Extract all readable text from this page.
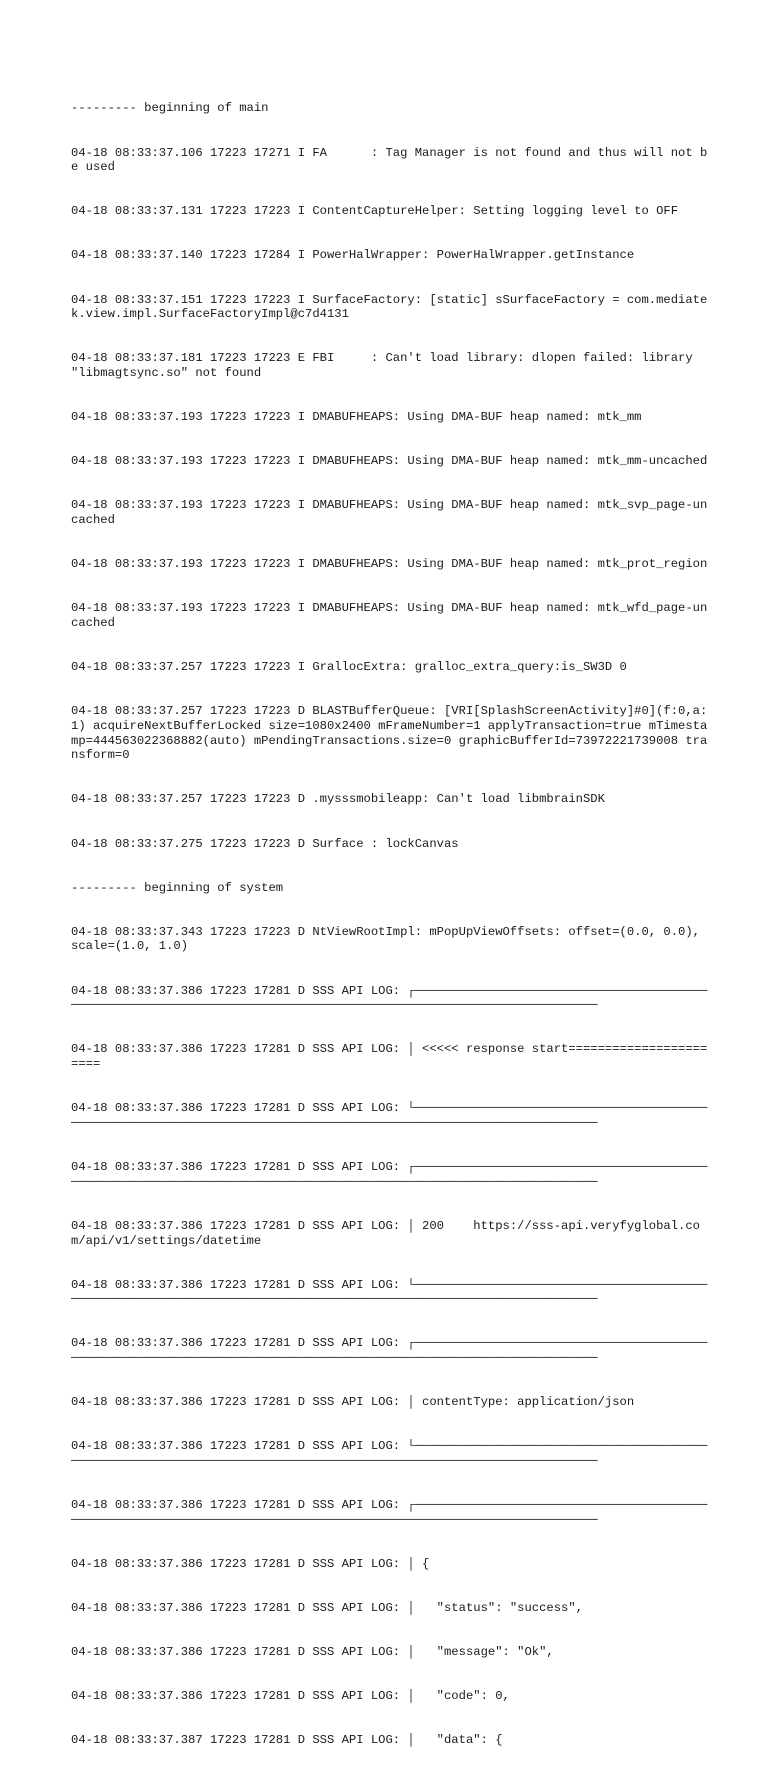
--------- beginning of main

04-18 08:33:37.106 17223 17271 I FA      : Tag Manager is not found and thus will not be used

04-18 08:33:37.131 17223 17223 I ContentCaptureHelper: Setting logging level to OFF

04-18 08:33:37.140 17223 17284 I PowerHalWrapper: PowerHalWrapper.getInstance

04-18 08:33:37.151 17223 17223 I SurfaceFactory: [static] sSurfaceFactory = com.mediatek.view.impl.SurfaceFactoryImpl@c7d4131

04-18 08:33:37.181 17223 17223 E FBI     : Can't load library: dlopen failed: library "libmagtsync.so" not found

04-18 08:33:37.193 17223 17223 I DMABUFHEAPS: Using DMA-BUF heap named: mtk_mm

04-18 08:33:37.193 17223 17223 I DMABUFHEAPS: Using DMA-BUF heap named: mtk_mm-uncached

04-18 08:33:37.193 17223 17223 I DMABUFHEAPS: Using DMA-BUF heap named: mtk_svp_page-uncached

04-18 08:33:37.193 17223 17223 I DMABUFHEAPS: Using DMA-BUF heap named: mtk_prot_region

04-18 08:33:37.193 17223 17223 I DMABUFHEAPS: Using DMA-BUF heap named: mtk_wfd_page-uncached

04-18 08:33:37.257 17223 17223 I GrallocExtra: gralloc_extra_query:is_SW3D 0

04-18 08:33:37.257 17223 17223 D BLASTBufferQueue: [VRI[SplashScreenActivity]#0](f:0,a:1) acquireNextBufferLocked size=1080x2400 mFrameNumber=1 applyTransaction=true mTimestamp=444563022368882(auto) mPendingTransactions.size=0 graphicBufferId=73972221739008 transform=0

04-18 08:33:37.257 17223 17223 D .mysssmobileapp: Can't load libmbrainSDK

04-18 08:33:37.275 17223 17223 D Surface : lockCanvas

--------- beginning of system

04-18 08:33:37.343 17223 17223 D NtViewRootImpl: mPopUpViewOffsets: offset=(0.0, 0.0), scale=(1.0, 1.0)

04-18 08:33:37.386 17223 17281 D SSS API LOG: ┌────────────────────────────────────────────────────────────────────────────────────────────────────────────────

04-18 08:33:37.386 17223 17281 D SSS API LOG: │ <<<<< response start=======================

04-18 08:33:37.386 17223 17281 D SSS API LOG: └────────────────────────────────────────────────────────────────────────────────────────────────────────────────

04-18 08:33:37.386 17223 17281 D SSS API LOG: ┌────────────────────────────────────────────────────────────────────────────────────────────────────────────────

04-18 08:33:37.386 17223 17281 D SSS API LOG: │ 200    https://sss-api.veryfyglobal.com/api/v1/settings/datetime

04-18 08:33:37.386 17223 17281 D SSS API LOG: └────────────────────────────────────────────────────────────────────────────────────────────────────────────────

04-18 08:33:37.386 17223 17281 D SSS API LOG: ┌────────────────────────────────────────────────────────────────────────────────────────────────────────────────

04-18 08:33:37.386 17223 17281 D SSS API LOG: │ contentType: application/json

04-18 08:33:37.386 17223 17281 D SSS API LOG: └────────────────────────────────────────────────────────────────────────────────────────────────────────────────

04-18 08:33:37.386 17223 17281 D SSS API LOG: ┌────────────────────────────────────────────────────────────────────────────────────────────────────────────────

04-18 08:33:37.386 17223 17281 D SSS API LOG: │ {

04-18 08:33:37.386 17223 17281 D SSS API LOG: │   "status": "success",

04-18 08:33:37.386 17223 17281 D SSS API LOG: │   "message": "Ok",

04-18 08:33:37.386 17223 17281 D SSS API LOG: │   "code": 0,

04-18 08:33:37.387 17223 17281 D SSS API LOG: │   "data": {
